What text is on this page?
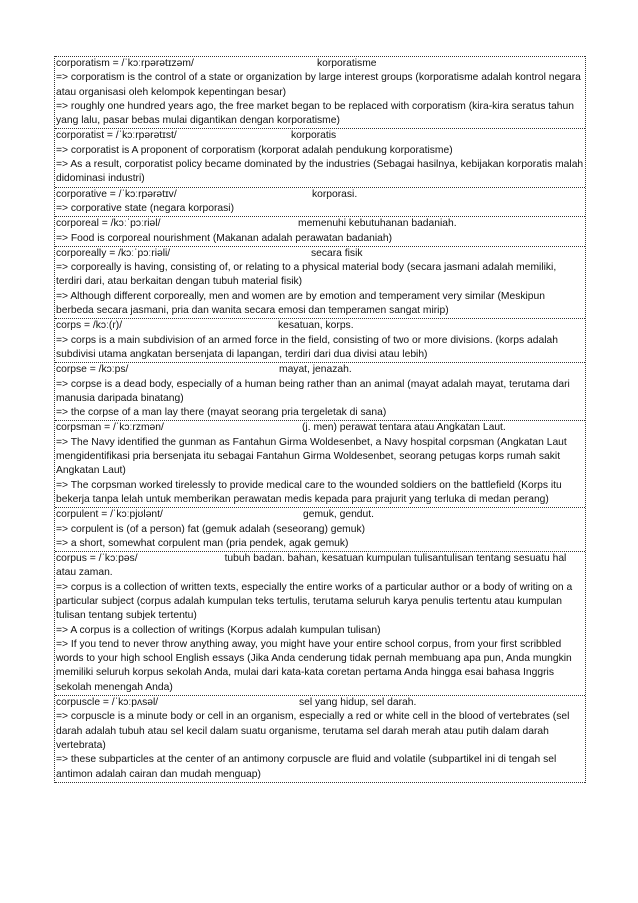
corporatism = /ˈkɔːrpərətɪzəm/	korporatisme
=> corporatism is the control of a state or organization by large interest groups (korporatisme adalah kontrol negara atau organisasi oleh kelompok kepentingan besar)
=> roughly one hundred years ago, the free market began to be replaced with corporatism (kira-kira seratus tahun yang lalu, pasar bebas mulai digantikan dengan korporatisme)
corporatist = /ˈkɔːrpərətɪst/	korporatis
=> corporatist is A proponent of corporatism (korporat adalah pendukung korporatisme)
=> As a result, corporatist policy became dominated by the industries (Sebagai hasilnya, kebijakan korporatis malah didominasi industri)
corporative = /ˈkɔːrpərətɪv/	korporasi.
=> corporative state (negara korporasi)
corporeal = /kɔːˈpɔːriəl/	memenuhi kebutuhanan badaniah.
=> Food is corporeal nourishment (Makanan adalah perawatan badaniah)
corporeally = /kɔːˈpɔːriəli/	secara fisik
=> corporeally is having, consisting of, or relating to a physical material body (secara jasmani adalah memiliki, terdiri dari, atau berkaitan dengan tubuh material fisik)
=> Although different corporeally, men and women are by emotion and temperament very similar (Meskipun berbeda secara jasmani, pria dan wanita secara emosi dan temperamen sangat mirip)
corps = /kɔː(r)/	kesatuan, korps.
=> corps is a main subdivision of an armed force in the field, consisting of two or more divisions. (korps adalah subdivisi utama angkatan bersenjata di lapangan, terdiri dari dua divisi atau lebih)
corpse = /kɔːps/	mayat, jenazah.
=> corpse is a dead body, especially of a human being rather than an animal (mayat adalah mayat, terutama dari manusia daripada binatang)
=> the corpse of a man lay there (mayat seorang pria tergeletak di sana)
corpsman = /ˈkɔːrzmən/	(j. men) perawat tentara atau Angkatan Laut.
=> The Navy identified the gunman as Fantahun Girma Woldesenbet, a Navy hospital corpsman (Angkatan Laut mengidentifikasi pria bersenjata itu sebagai Fantahun Girma Woldesenbet, seorang petugas korps rumah sakit Angkatan Laut)
=> The corpsman worked tirelessly to provide medical care to the wounded soldiers on the battlefield (Korps itu bekerja tanpa lelah untuk memberikan perawatan medis kepada para prajurit yang terluka di medan perang)
corpulent = /ˈkɔːpjʊlənt/	gemuk, gendut.
=> corpulent is (of a person) fat (gemuk adalah (seseorang) gemuk)
=> a short, somewhat corpulent man (pria pendek, agak gemuk)
corpus = /ˈkɔːpəs/	tubuh badan. bahan, kesatuan kumpulan tulisantulisan tentang sesuatu hal atau zaman.
=> corpus is a collection of written texts, especially the entire works of a particular author or a body of writing on a particular subject (corpus adalah kumpulan teks tertulis, terutama seluruh karya penulis tertentu atau kumpulan tulisan tentang subjek tertentu)
=> A corpus is a collection of writings (Korpus adalah kumpulan tulisan)
=> If you tend to never throw anything away, you might have your entire school corpus, from your first scribbled words to your high school English essays (Jika Anda cenderung tidak pernah membuang apa pun, Anda mungkin memiliki seluruh korpus sekolah Anda, mulai dari kata-kata coretan pertama Anda hingga esai bahasa Inggris sekolah menengah Anda)
corpuscle = /ˈkɔːpʌsəl/	sel yang hidup, sel darah.
=> corpuscle is a minute body or cell in an organism, especially a red or white cell in the blood of vertebrates (sel darah adalah tubuh atau sel kecil dalam suatu organisme, terutama sel darah merah atau putih dalam darah vertebrata)
=> these subparticles at the center of an antimony corpuscle are fluid and volatile (subpartikel ini di tengah sel antimon adalah cairan dan mudah menguap)
